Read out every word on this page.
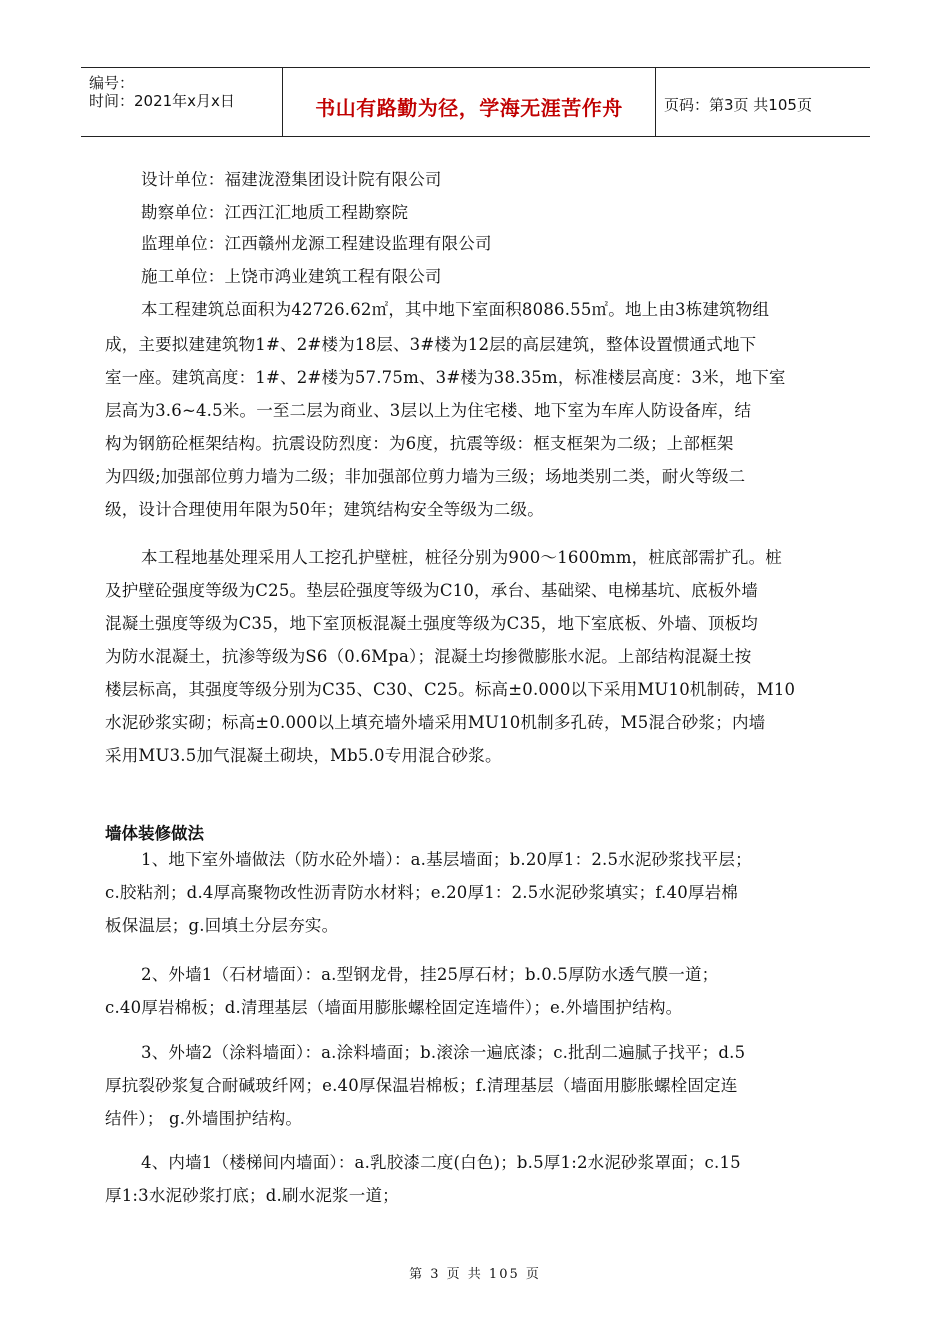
编号：
时间：2021年x月x日	书山有路勤为径，学海无涯苦作舟	页码：第3页 共105页
设计单位：福建泷澄集团设计院有限公司
勘察单位：江西江汇地质工程勘察院
监理单位：江西赣州龙源工程建设监理有限公司
施工单位：上饶市鸿业建筑工程有限公司
本工程建筑总面积为42726.62㎡，其中地下室面积8086.55㎡。地上由3栋建筑物组
成，主要拟建建筑物1#、2#楼为18层、3#楼为12层的高层建筑，整体设置惯通式地下
室一座。建筑高度：1#、2#楼为57.75m、3#楼为38.35m，标准楼层高度：3米，地下室
层高为3.6~4.5米。一至二层为商业、3层以上为住宅楼、地下室为车库人防设备库，结
构为钢筋砼框架结构。抗震设防烈度：为6度，抗震等级：框支框架为二级；上部框架
为四级;加强部位剪力墙为二级；非加强部位剪力墙为三级；场地类别二类，耐火等级二
级，设计合理使用年限为50年；建筑结构安全等级为二级。
本工程地基处理采用人工挖孔护壁桩，桩径分别为900～1600mm，桩底部需扩孔。桩
及护壁砼强度等级为C25。垫层砼强度等级为C10，承台、基础梁、电梯基坑、底板外墙
混凝土强度等级为C35，地下室顶板混凝土强度等级为C35，地下室底板、外墙、顶板均
为防水混凝土，抗渗等级为S6（0.6Mpa）；混凝土均掺微膨胀水泥。上部结构混凝土按
楼层标高，其强度等级分别为C35、C30、C25。标高±0.000以下采用MU10机制砖，M10
水泥砂浆实砌；标高±0.000以上填充墙外墙采用MU10机制多孔砖，M5混合砂浆；内墙
采用MU3.5加气混凝土砌块，Mb5.0专用混合砂浆。
墙体装修做法
1、地下室外墙做法（防水砼外墙）：a.基层墙面；b.20厚1：2.5水泥砂浆找平层；
c.胶粘剂；d.4厚高聚物改性沥青防水材料；e.20厚1：2.5水泥砂浆填实；f.40厚岩棉
板保温层；g.回填土分层夯实。
2、外墙1（石材墙面）：a.型钢龙骨，挂25厚石材；b.0.5厚防水透气膜一道；
c.40厚岩棉板；d.清理基层（墙面用膨胀螺栓固定连墙件）；e.外墙围护结构。
3、外墙2（涂料墙面）：a.涂料墙面；b.滚涂一遍底漆；c.批刮二遍腻子找平；d.5
厚抗裂砂浆复合耐碱玻纤网；e.40厚保温岩棉板；f.清理基层（墙面用膨胀螺栓固定连
结件）； g.外墙围护结构。
4、内墙1（楼梯间内墙面）：a.乳胶漆二度(白色)；b.5厚1:2水泥砂浆罩面；c.15
厚1:3水泥砂浆打底；d.刷水泥浆一道；
第 3 页 共 105 页
